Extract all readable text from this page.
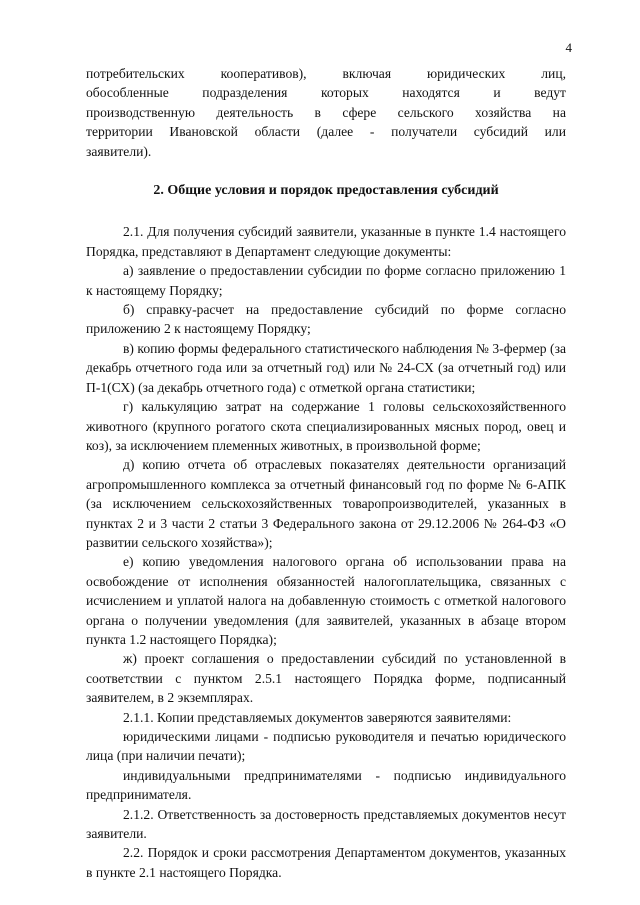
4

потребительских кооперативов), включая юридических лиц,

обособленные подразделения которых находятся и ведут

производственную деятельность в сфере сельского хозяйства на

территории Ивановской области (далее - получатели субсидий или

заявители).

2. Общие условия и порядок предоставления субсидий

2.1. Для получения субсидий заявители, указанные в пункте 1.4 настоящего Порядка, представляют в Департамент следующие документы:

а) заявление о предоставлении субсидии по форме согласно приложению 1 к настоящему Порядку;

б) справку-расчет на предоставление субсидий по форме согласно приложению 2 к настоящему Порядку;

в) копию формы федерального статистического наблюдения № 3-фермер (за декабрь отчетного года или за отчетный год) или № 24-СХ (за отчетный год) или П-1(СХ) (за декабрь отчетного года) с отметкой органа статистики;

г) калькуляцию затрат на содержание 1 головы сельскохозяйственного животного (крупного рогатого скота специализированных мясных пород, овец и коз), за исключением племенных животных, в произвольной форме;

д) копию отчета об отраслевых показателях деятельности организаций агропромышленного комплекса за отчетный финансовый год по форме № 6-АПК (за исключением сельскохозяйственных товаропроизводителей, указанных в пунктах 2 и 3 части 2 статьи 3 Федерального закона от 29.12.2006 № 264-ФЗ «О развитии сельского хозяйства»);

е) копию уведомления налогового органа об использовании права на освобождение от исполнения обязанностей налогоплательщика, связанных с исчислением и уплатой налога на добавленную стоимость с отметкой налогового органа о получении уведомления (для заявителей, указанных в абзаце втором пункта 1.2 настоящего Порядка);

ж) проект соглашения о предоставлении субсидий по установленной в соответствии с пунктом 2.5.1 настоящего Порядка форме, подписанный заявителем, в 2 экземплярах.

2.1.1. Копии представляемых документов заверяются заявителями:

юридическими лицами - подписью руководителя и печатью юридического лица (при наличии печати);

индивидуальными предпринимателями - подписью индивидуального предпринимателя.

2.1.2. Ответственность за достоверность представляемых документов несут заявители.

2.2. Порядок и сроки рассмотрения Департаментом документов, указанных в пункте 2.1 настоящего Порядка.
